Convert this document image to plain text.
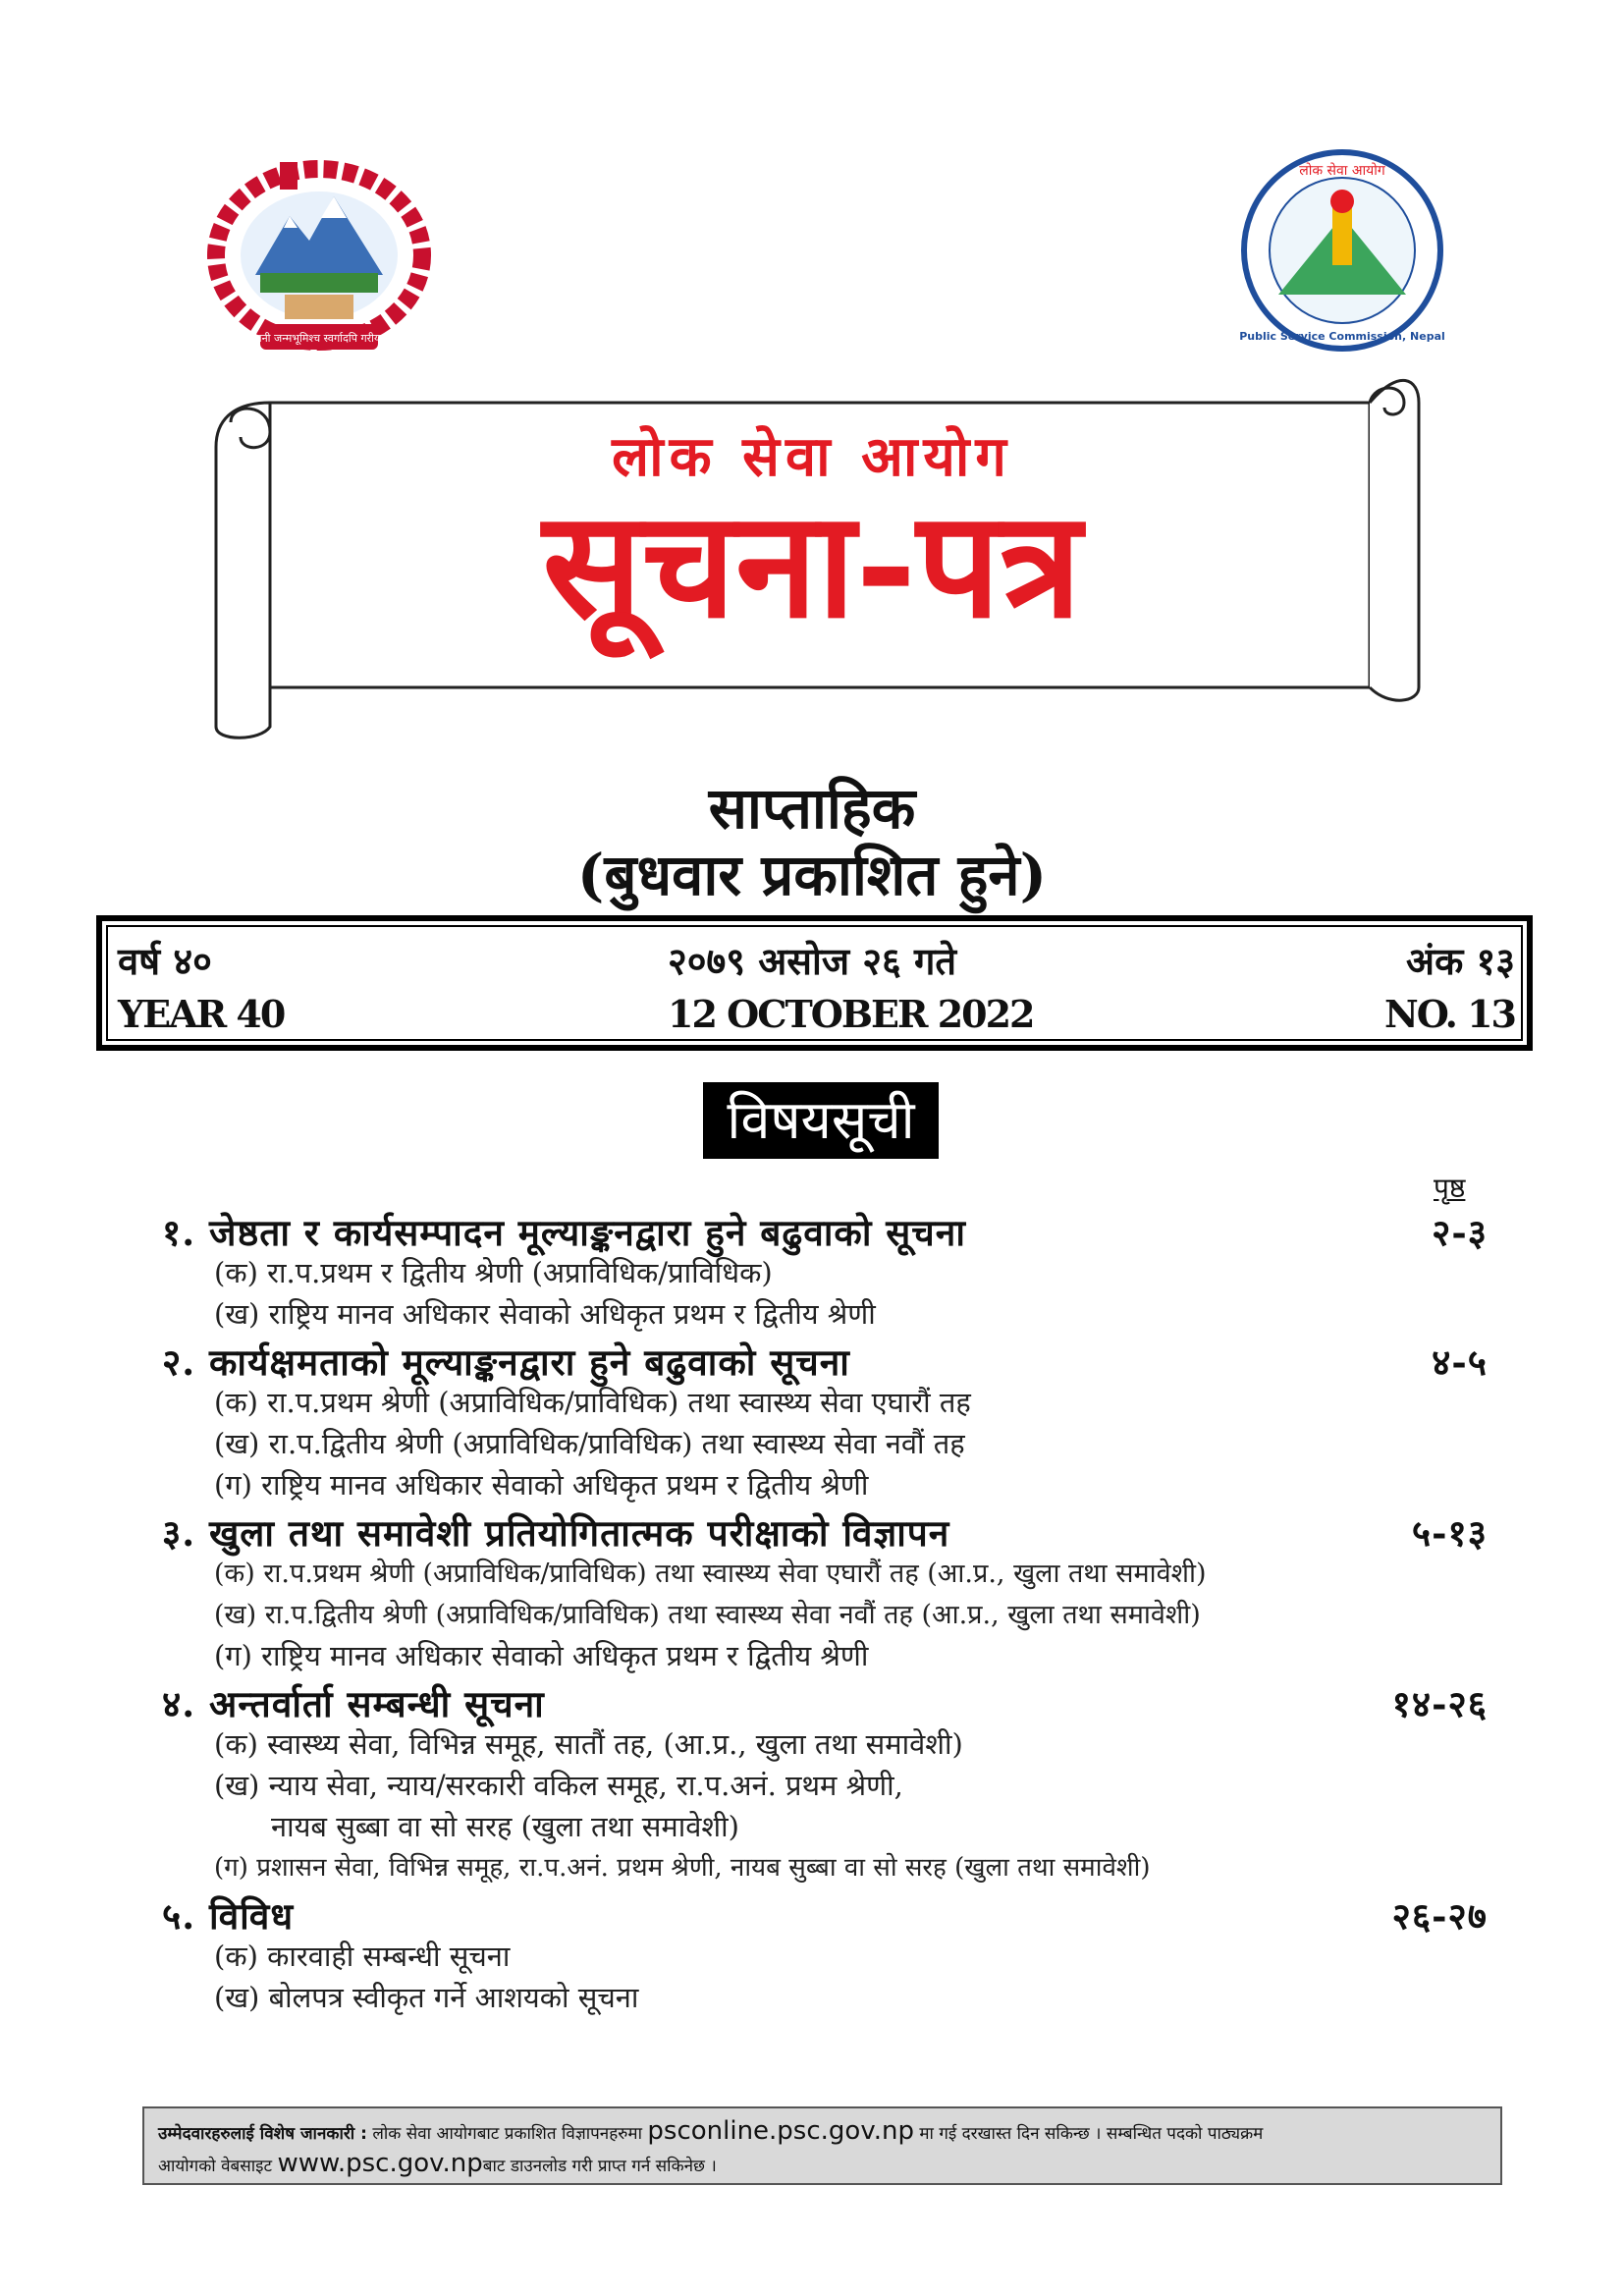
जननी जन्मभूमिश्च स्वर्गादपि गरीयसी
लोक सेवा आयोग
Public Service Commission, Nepal
लोक सेवा आयोग
सूचना-पत्र
साप्ताहिक
(बुधवार प्रकाशित हुने)
वर्ष ४०	२०७९ असोज २६ गते	अंक १३
YEAR 40	12 OCTOBER 2022	NO. 13
विषयसूची
पृष्ठ
१. जेष्ठता र कार्यसम्पादन मूल्याङ्कनद्वारा हुने बढुवाको सूचना	२-३
(क) रा.प.प्रथम र द्वितीय श्रेणी (अप्राविधिक/प्राविधिक)
(ख) राष्ट्रिय मानव अधिकार सेवाको अधिकृत प्रथम र द्वितीय श्रेणी
२. कार्यक्षमताको मूल्याङ्कनद्वारा हुने बढुवाको सूचना	४-५
(क) रा.प.प्रथम श्रेणी (अप्राविधिक/प्राविधिक) तथा स्वास्थ्य सेवा एघारौं तह
(ख) रा.प.द्वितीय श्रेणी (अप्राविधिक/प्राविधिक) तथा स्वास्थ्य सेवा नवौं तह
(ग) राष्ट्रिय मानव अधिकार सेवाको अधिकृत प्रथम र द्वितीय श्रेणी
३. खुला तथा समावेशी प्रतियोगितात्मक परीक्षाको विज्ञापन	५-१३
(क) रा.प.प्रथम श्रेणी (अप्राविधिक/प्राविधिक) तथा स्वास्थ्य सेवा एघारौं तह (आ.प्र., खुला तथा समावेशी)
(ख) रा.प.द्वितीय श्रेणी (अप्राविधिक/प्राविधिक) तथा स्वास्थ्य सेवा नवौं तह (आ.प्र., खुला तथा समावेशी)
(ग) राष्ट्रिय मानव अधिकार सेवाको अधिकृत प्रथम र द्वितीय श्रेणी
४. अन्तर्वार्ता सम्बन्धी सूचना	१४-२६
(क) स्वास्थ्य सेवा, विभिन्न समूह, सातौं तह, (आ.प्र., खुला तथा समावेशी)
(ख) न्याय सेवा, न्याय/सरकारी वकिल समूह, रा.प.अनं. प्रथम श्रेणी,
नायब सुब्बा वा सो सरह (खुला तथा समावेशी)
(ग) प्रशासन सेवा, विभिन्न समूह, रा.प.अनं. प्रथम श्रेणी, नायब सुब्बा वा सो सरह (खुला तथा समावेशी)
५. विविध	२६-२७
(क) कारवाही सम्बन्धी सूचना
(ख) बोलपत्र स्वीकृत गर्ने आशयको सूचना
उम्मेदवारहरुलाई विशेष जानकारी : लोक सेवा आयोगबाट प्रकाशित विज्ञापनहरुमा psconline.psc.gov.np मा गई दरखास्त दिन सकिन्छ । सम्बन्धित पदको पाठ्यक्रम
आयोगको वेबसाइट www.psc.gov.npबाट डाउनलोड गरी प्राप्त गर्न सकिनेछ ।
